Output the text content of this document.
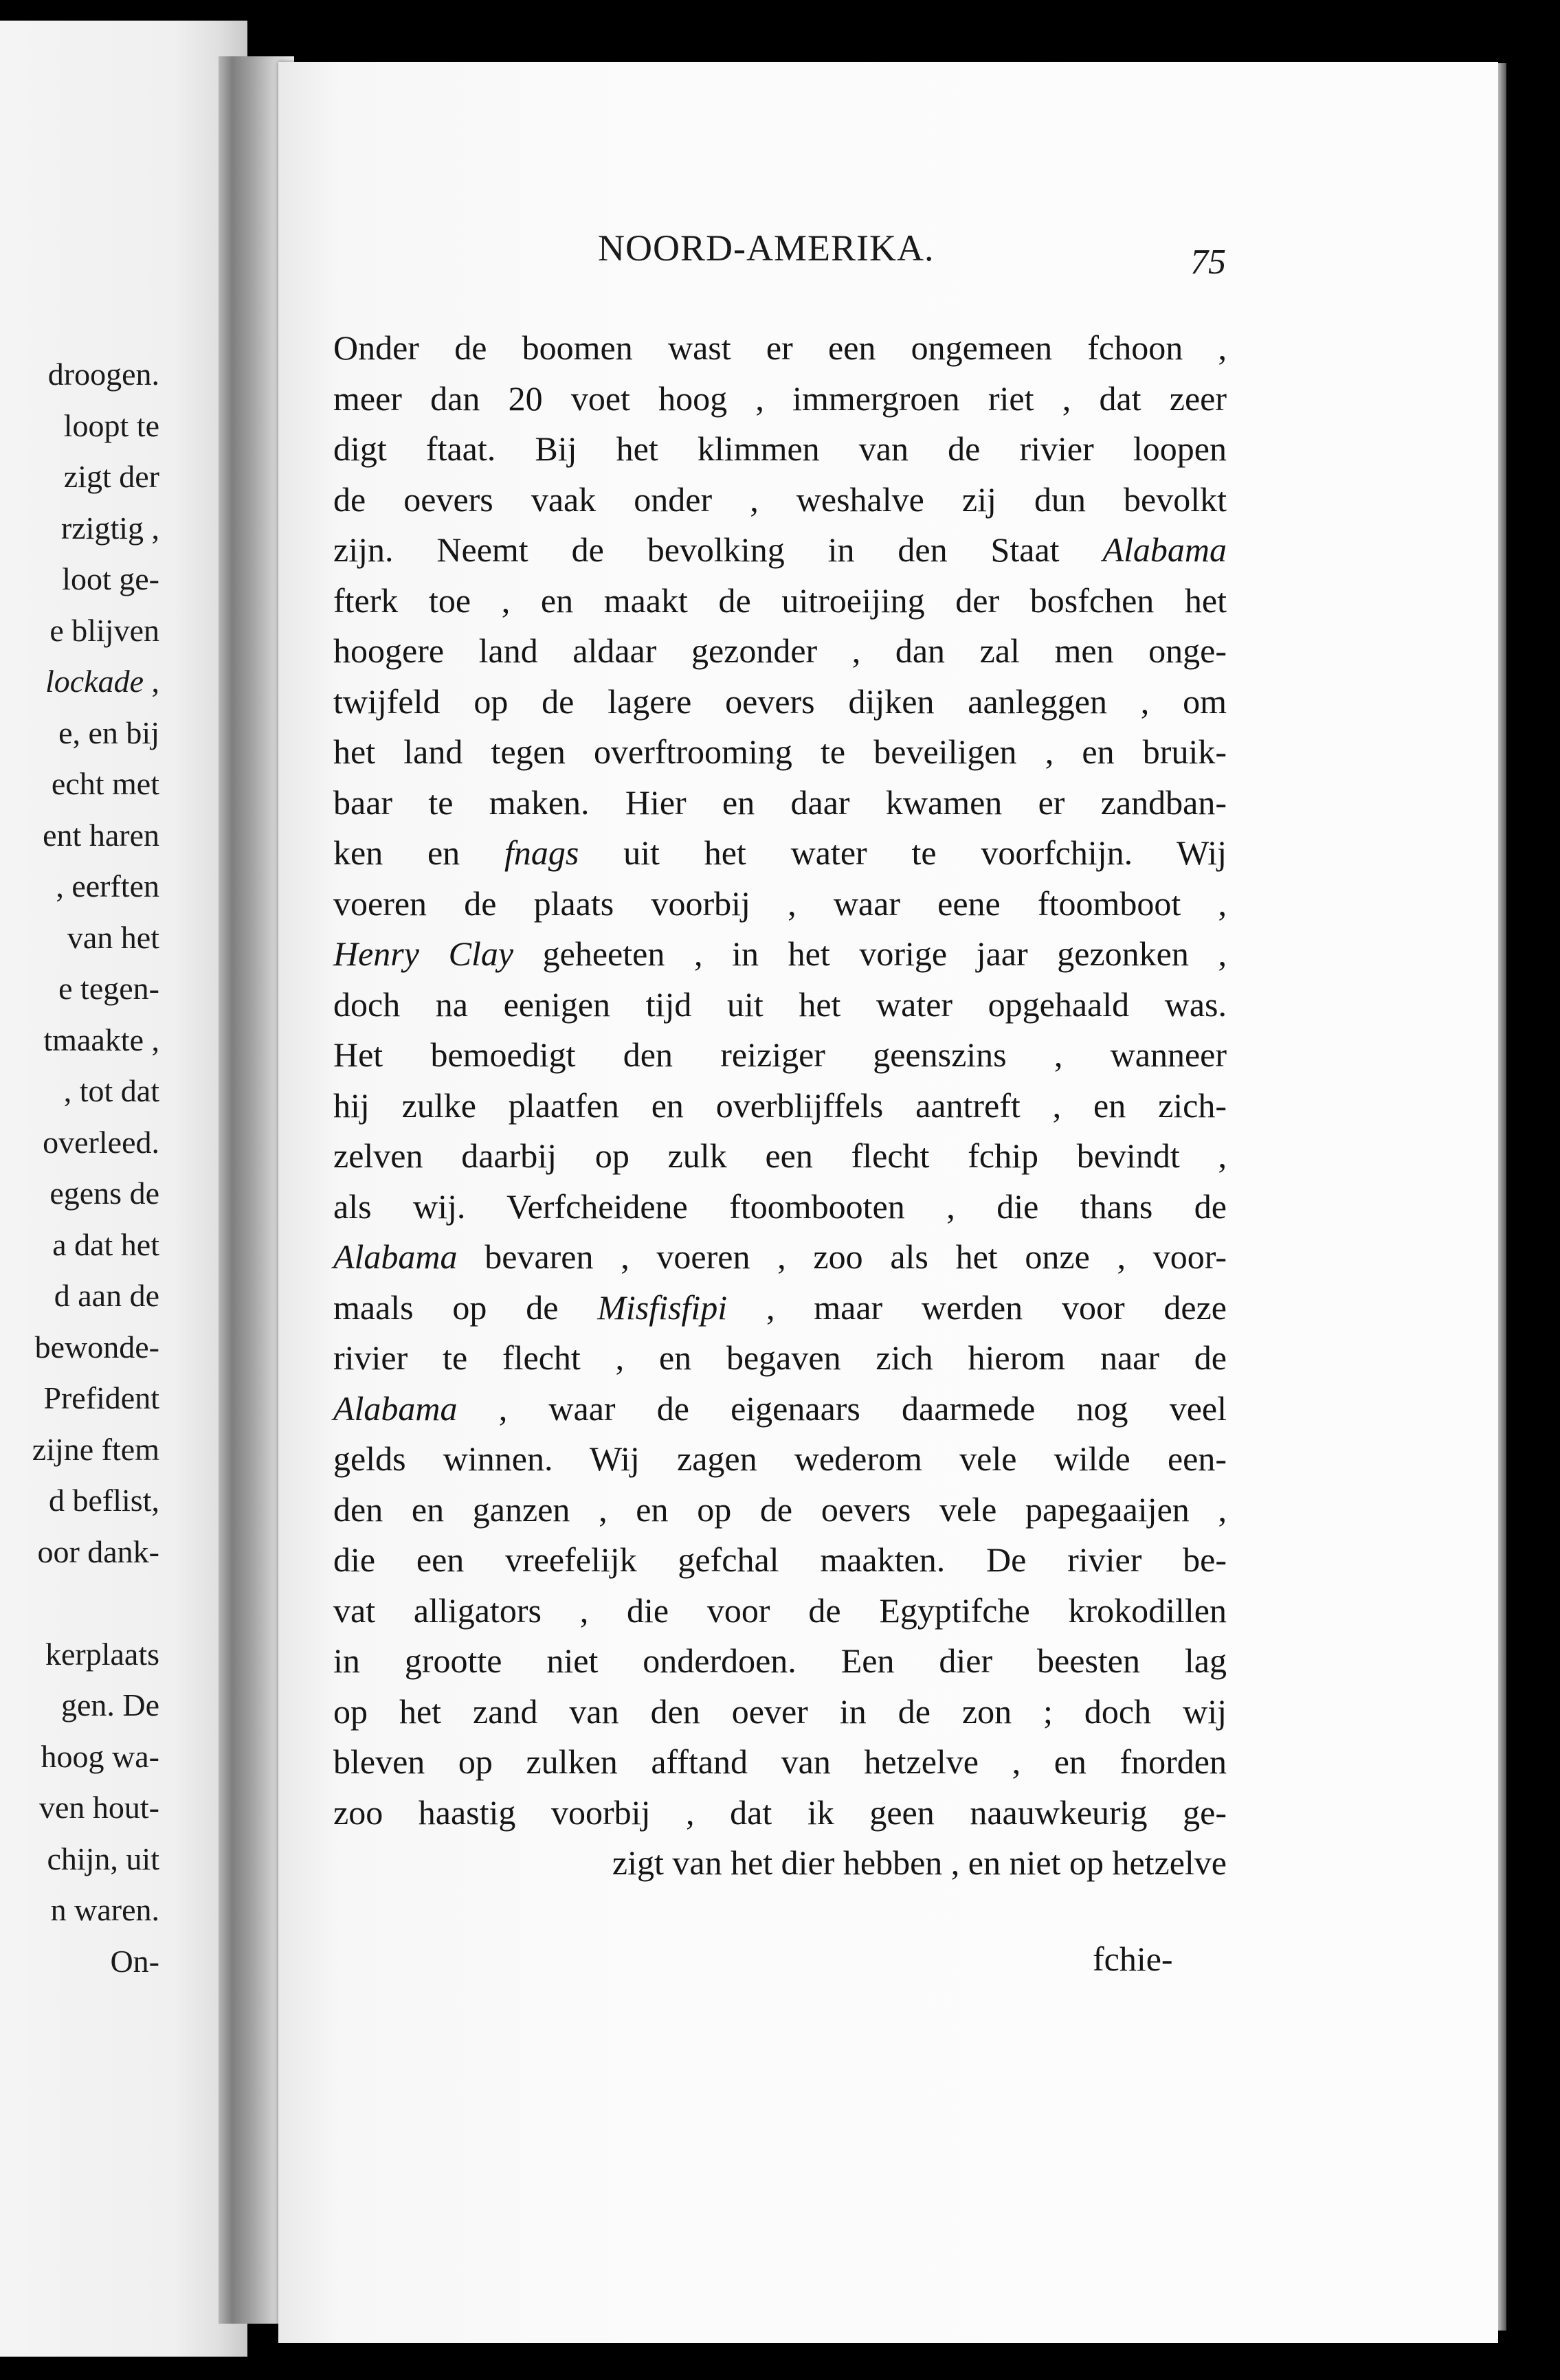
droogen.
loopt te
zigt der
rzigtig ,
loot ge-
e blijven
lockade ,
e, en bij
echt met
ent haren
, eerften
van het
e tegen-
tmaakte ,
, tot dat
overleed.
egens de
a dat het
d aan de
bewonde-
Prefident
zijne ftem
d beflist,
oor dank-
kerplaats
gen. De
hoog wa-
ven hout-
chijn, uit
n waren.
On-
NOORD-AMERIKA.	75
Onder de boomen wast er een ongemeen fchoon ,
meer dan 20 voet hoog , immergroen riet , dat zeer
digt ftaat. Bij het klimmen van de rivier loopen
de oevers vaak onder , weshalve zij dun bevolkt
zijn. Neemt de bevolking in den Staat Alabama
fterk toe , en maakt de uitroeijing der bosfchen het
hoogere land aldaar gezonder , dan zal men onge-
twijfeld op de lagere oevers dijken aanleggen , om
het land tegen overftrooming te beveiligen , en bruik-
baar te maken. Hier en daar kwamen er zandban-
ken en fnags uit het water te voorfchijn. Wij
voeren de plaats voorbij , waar eene ftoomboot ,
Henry Clay geheeten , in het vorige jaar gezonken ,
doch na eenigen tijd uit het water opgehaald was.
Het bemoedigt den reiziger geenszins , wanneer
hij zulke plaatfen en overblijffels aantreft , en zich-
zelven daarbij op zulk een flecht fchip bevindt ,
als wij. Verfcheidene ftoombooten , die thans de
Alabama bevaren , voeren , zoo als het onze , voor-
maals op de Misfisfipi , maar werden voor deze
rivier te flecht , en begaven zich hierom naar de
Alabama , waar de eigenaars daarmede nog veel
gelds winnen. Wij zagen wederom vele wilde een-
den en ganzen , en op de oevers vele papegaaijen ,
die een vreefelijk gefchal maakten. De rivier be-
vat alligators , die voor de Egyptifche krokodillen
in grootte niet onderdoen. Een dier beesten lag
op het zand van den oever in de zon ; doch wij
bleven op zulken afftand van hetzelve , en fnorden
zoo haastig voorbij , dat ik geen naauwkeurig ge-
zigt van het dier hebben , en niet op hetzelve
fchie-
